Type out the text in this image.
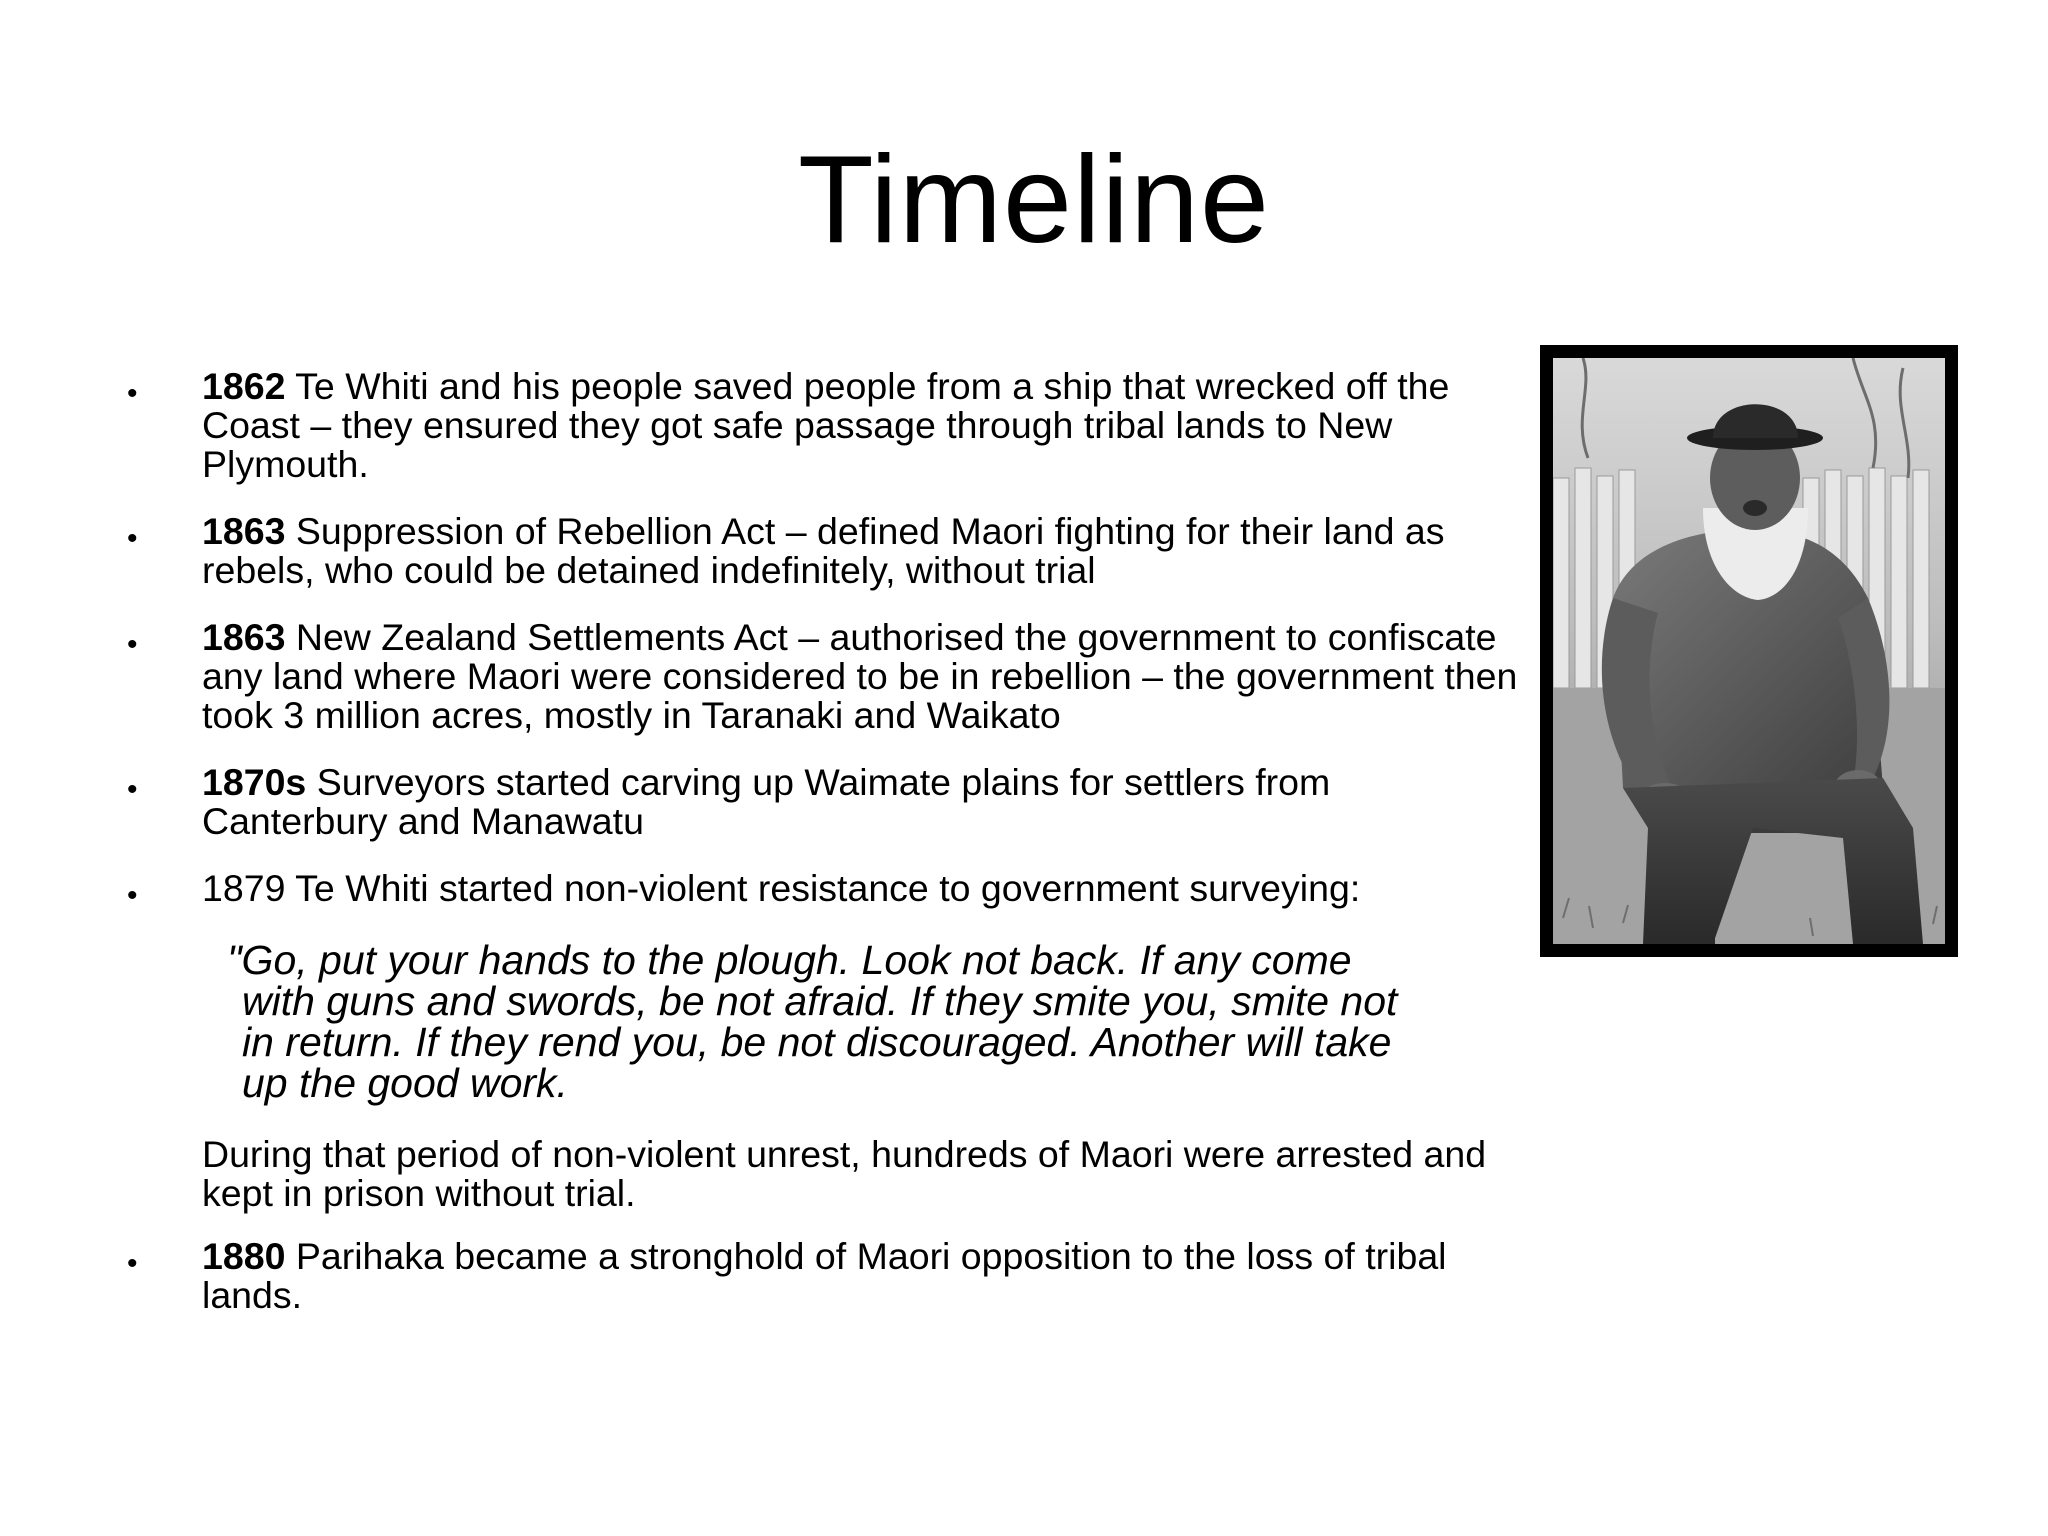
Timeline
• 1862 Te Whiti and his people saved people from a ship that wrecked off the Coast – they ensured they got safe passage through tribal lands to New Plymouth.
• 1863 Suppression of Rebellion Act – defined Maori fighting for their land as rebels, who could be detained indefinitely, without trial
• 1863 New Zealand Settlements Act – authorised the government to confiscate any land where Maori were considered to be in rebellion – the government then took 3 million acres, mostly in Taranaki and Waikato
• 1870s Surveyors started carving up Waimate plains for settlers from Canterbury and Manawatu
• 1879 Te Whiti started non-violent resistance to government surveying:
"Go, put your hands to the plough. Look not back. If any come
with guns and swords, be not afraid. If they smite you, smite not
in return. If they rend you, be not discouraged. Another will take
up the good work.
During that period of non-violent unrest, hundreds of Maori were arrested and kept in prison without trial.
• 1880 Parihaka became a stronghold of Maori opposition to the loss of tribal lands.
